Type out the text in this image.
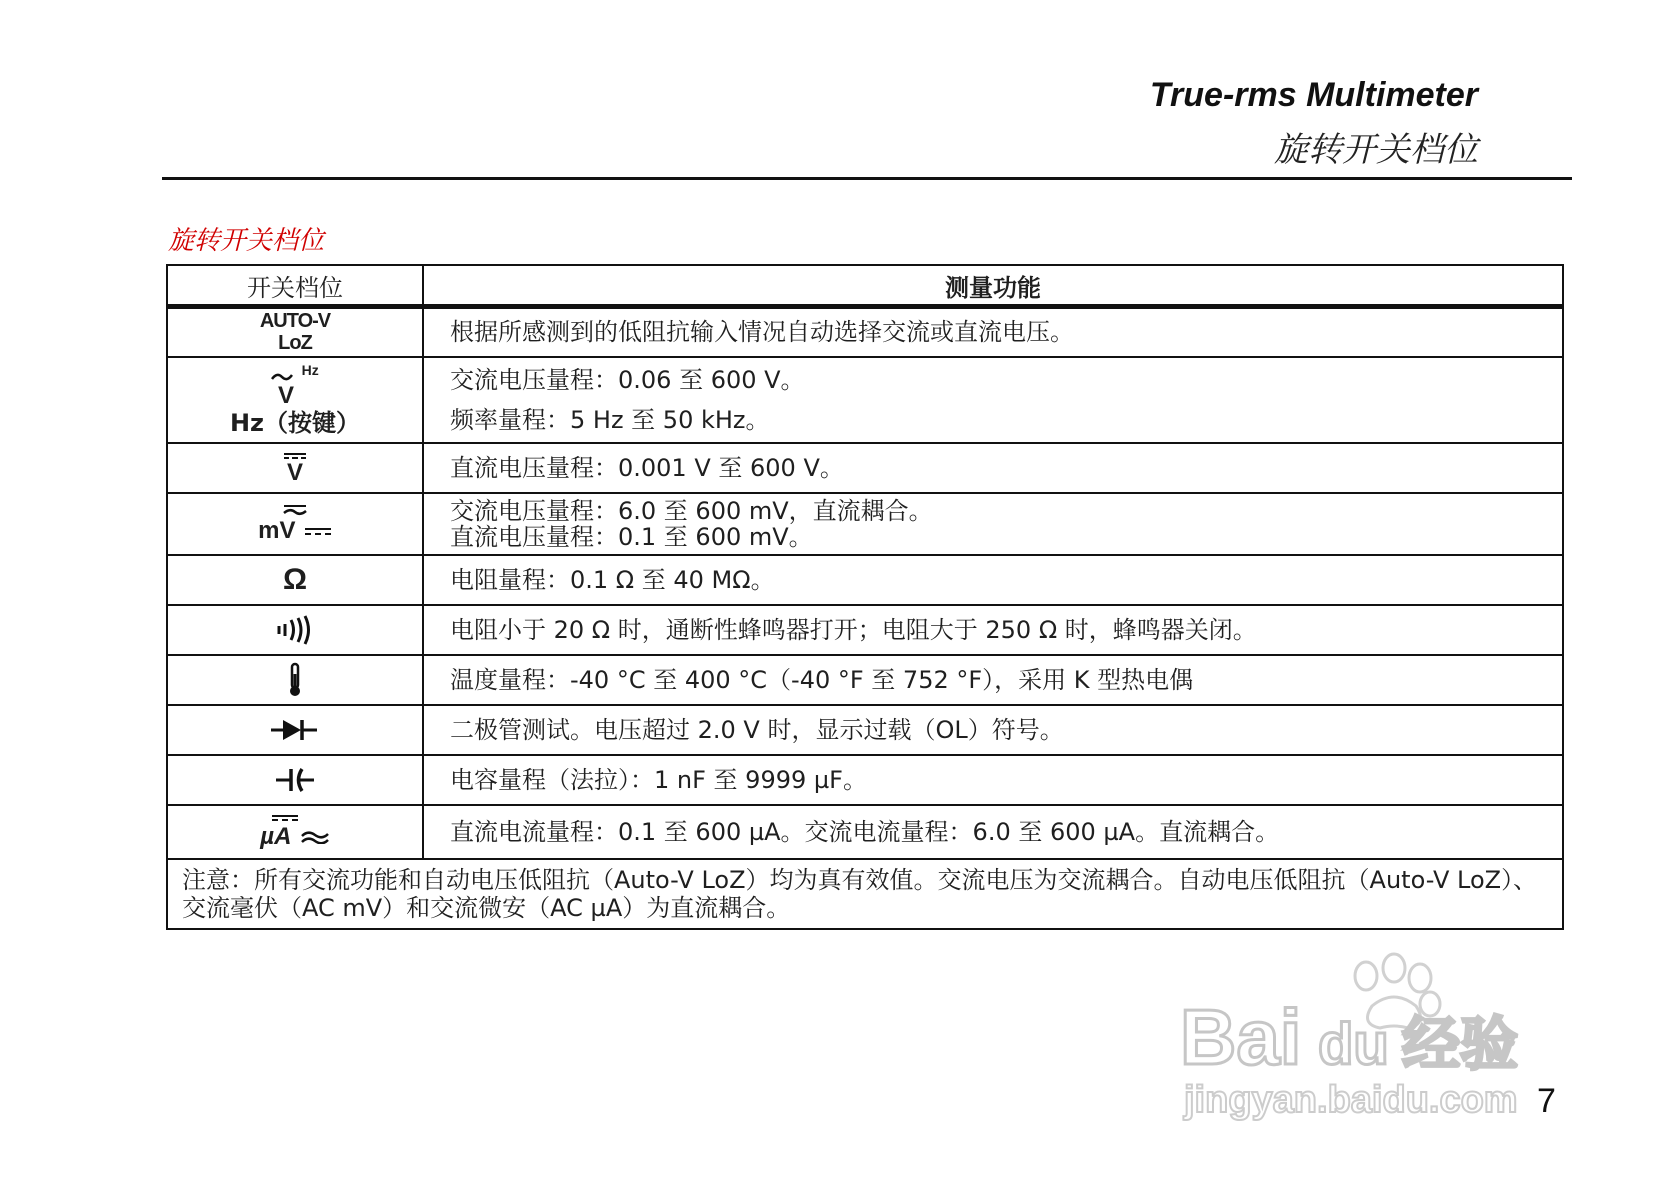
True-rms Multimeter
旋转开关档位
旋转开关档位
开关档位	测量功能

AUTO-V
LoZ	根据所感测到的低阻抗输入情况自动选择交流或直流电压。

$^{Hz}$
V
Hz（按键）	交流电压量程：0.06 至 600 V。
频率量程：5 Hz 至 50 kHz。

V	直流电压量程：0.001 V 至 600 V。

mV	交流电压量程：6.0 至 600 mV，直流耦合。
直流电压量程：0.1 至 600 mV。

Ω	电阻量程：0.1 Ω 至 40 MΩ。

电阻小于 20 Ω 时，通断性蜂鸣器打开；电阻大于 250 Ω 时，蜂鸣器关闭。

温度量程：-40 °C 至 400 °C（-40 °F 至 752 °F），采用 K 型热电偶

二极管测试。电压超过 2.0 V 时，显示过载（OL）符号。

电容量程（法拉）：1 nF 至 9999 µF。

µA	直流电流量程：0.1 至 600 µA。交流电流量程：6.0 至 600 µA。直流耦合。

注意：所有交流功能和自动电压低阻抗（Auto-V LoZ）均为真有效值。交流电压为交流耦合。自动电压低阻抗（Auto-V LoZ）、交流毫伏（AC mV）和交流微安（AC µA）为直流耦合。	
7
Bai du 经验
jingyan.baidu.com
